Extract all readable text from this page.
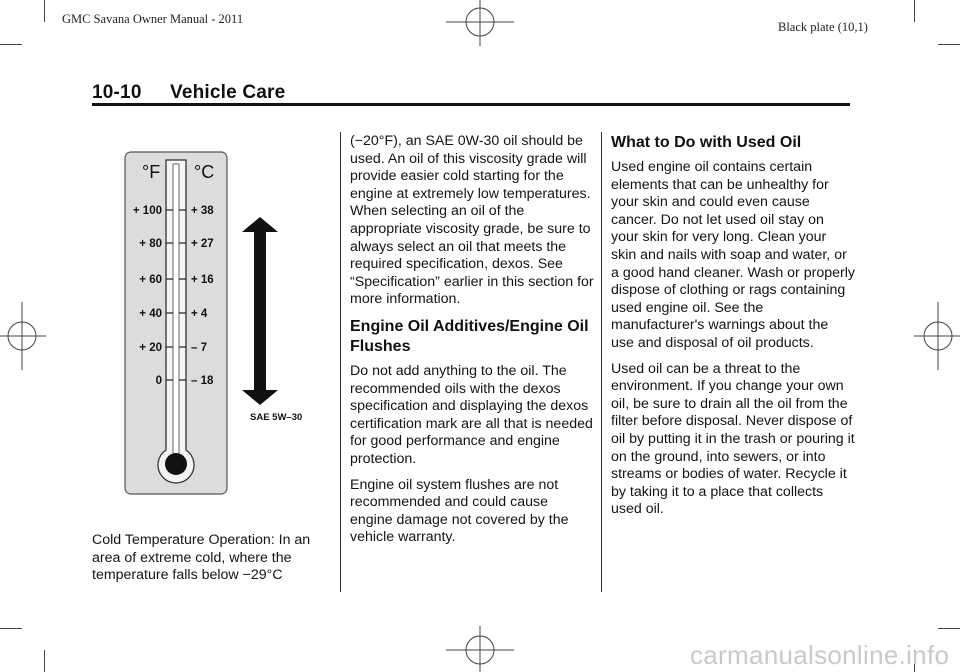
GMC Savana Owner Manual - 2011
Black plate (10,1)
10-10 Vehicle Care
°F °C
+ 100
+ 80
+ 60
+ 40
+ 20
0
+ 38
+ 27
+ 16
+ 4
– 7
– 18
SAE 5W–30
Cold Temperature Operation: In an area of extreme cold, where the temperature falls below −29°C

(−20°F), an SAE 0W-30 oil should be used. An oil of this viscosity grade will provide easier cold starting for the engine at extremely low temperatures. When selecting an oil of the appropriate viscosity grade, be sure to always select an oil that meets the required specification, dexos. See “Specification” earlier in this section for more information.

Engine Oil Additives/Engine Oil Flushes

Do not add anything to the oil. The recommended oils with the dexos specification and displaying the dexos certification mark are all that is needed for good performance and engine protection.

Engine oil system flushes are not recommended and could cause engine damage not covered by the vehicle warranty.

What to Do with Used Oil

Used engine oil contains certain elements that can be unhealthy for your skin and could even cause cancer. Do not let used oil stay on your skin for very long. Clean your skin and nails with soap and water, or a good hand cleaner. Wash or properly dispose of clothing or rags containing used engine oil. See the manufacturer's warnings about the use and disposal of oil products.

Used oil can be a threat to the environment. If you change your own oil, be sure to drain all the oil from the filter before disposal. Never dispose of oil by putting it in the trash or pouring it on the ground, into sewers, or into streams or bodies of water. Recycle it by taking it to a place that collects used oil.

carmanualsonline.info
